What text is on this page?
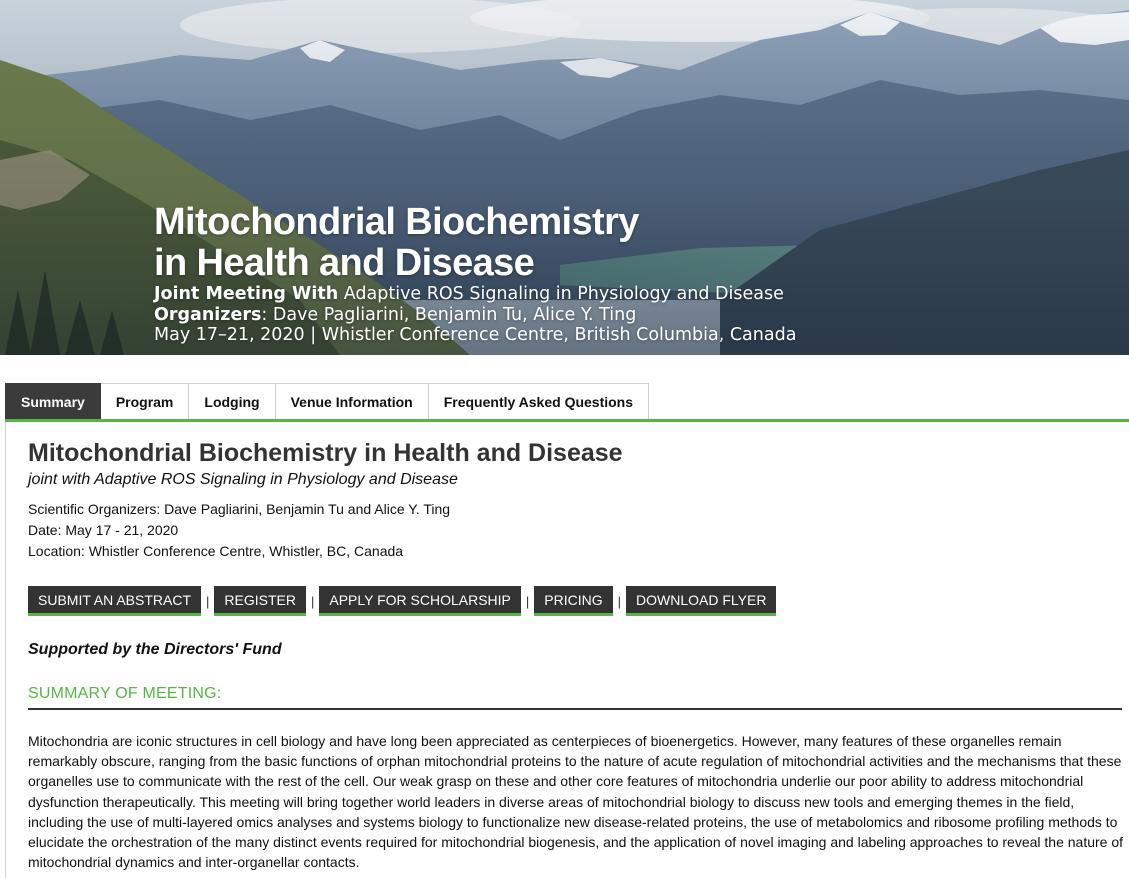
Mitochondrial Biochemistry
in Health and Disease
Joint Meeting With Adaptive ROS Signaling in Physiology and Disease
Organizers: Dave Pagliarini, Benjamin Tu, Alice Y. Ting
May 17–21, 2020 | Whistler Conference Centre, British Columbia, Canada
Summary	Program	Lodging	Venue Information	Frequently Asked Questions
Mitochondrial Biochemistry in Health and Disease
joint with Adaptive ROS Signaling in Physiology and Disease
Scientific Organizers: Dave Pagliarini, Benjamin Tu and Alice Y. Ting
Date: May 17 - 21, 2020
Location: Whistler Conference Centre, Whistler, BC, Canada
SUBMIT AN ABSTRACT	|	REGISTER	|	APPLY FOR SCHOLARSHIP	|	PRICING	|	DOWNLOAD FLYER
Supported by the Directors' Fund
SUMMARY OF MEETING:
Mitochondria are iconic structures in cell biology and have long been appreciated as centerpieces of bioenergetics. However, many features of these organelles remain remarkably obscure, ranging from the basic functions of orphan mitochondrial proteins to the nature of acute regulation of mitochondrial activities and the mechanisms that these organelles use to communicate with the rest of the cell. Our weak grasp on these and other core features of mitochondria underlie our poor ability to address mitochondrial dysfunction therapeutically. This meeting will bring together world leaders in diverse areas of mitochondrial biology to discuss new tools and emerging themes in the field, including the use of multi-layered omics analyses and systems biology to functionalize new disease-related proteins, the use of metabolomics and ribosome profiling methods to elucidate the orchestration of the many distinct events required for mitochondrial biogenesis, and the application of novel imaging and labeling approaches to reveal the nature of mitochondrial dynamics and inter-organellar contacts.
